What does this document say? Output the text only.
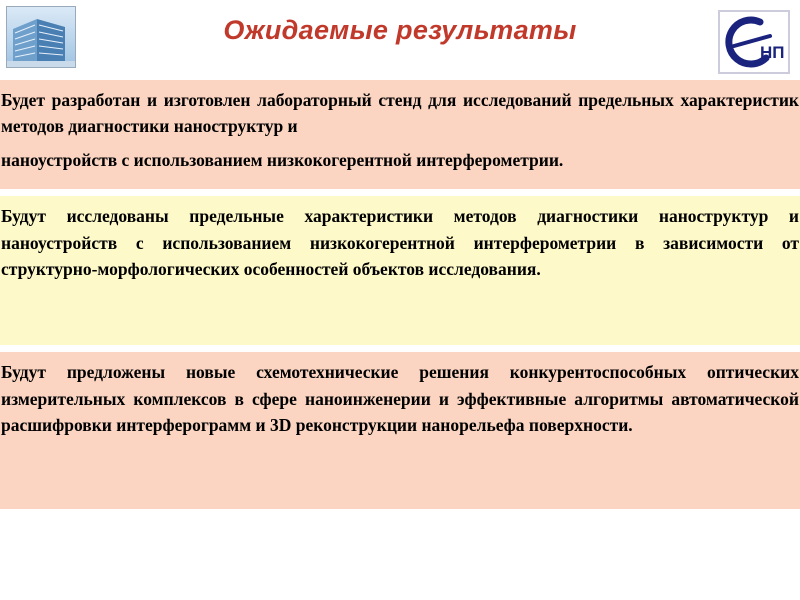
Ожидаемые результаты
НП

Будет разработан и изготовлен лабораторный стенд для исследований предельных характеристик методов диагностики наноструктур и

наноустройств с использованием низкокогерентной интерферометрии.

Будут исследованы предельные характеристики методов диагностики наноструктур и наноустройств с использованием низкокогерентной интерферометрии в зависимости от структурно-морфологических особенностей объектов исследования.
Будут предложены новые схемотехнические решения конкурентоспособных оптических измерительных комплексов в сфере наноинженерии и эффективные алгоритмы автоматической расшифровки интерферограмм и 3D реконструкции нанорельефа поверхности.
